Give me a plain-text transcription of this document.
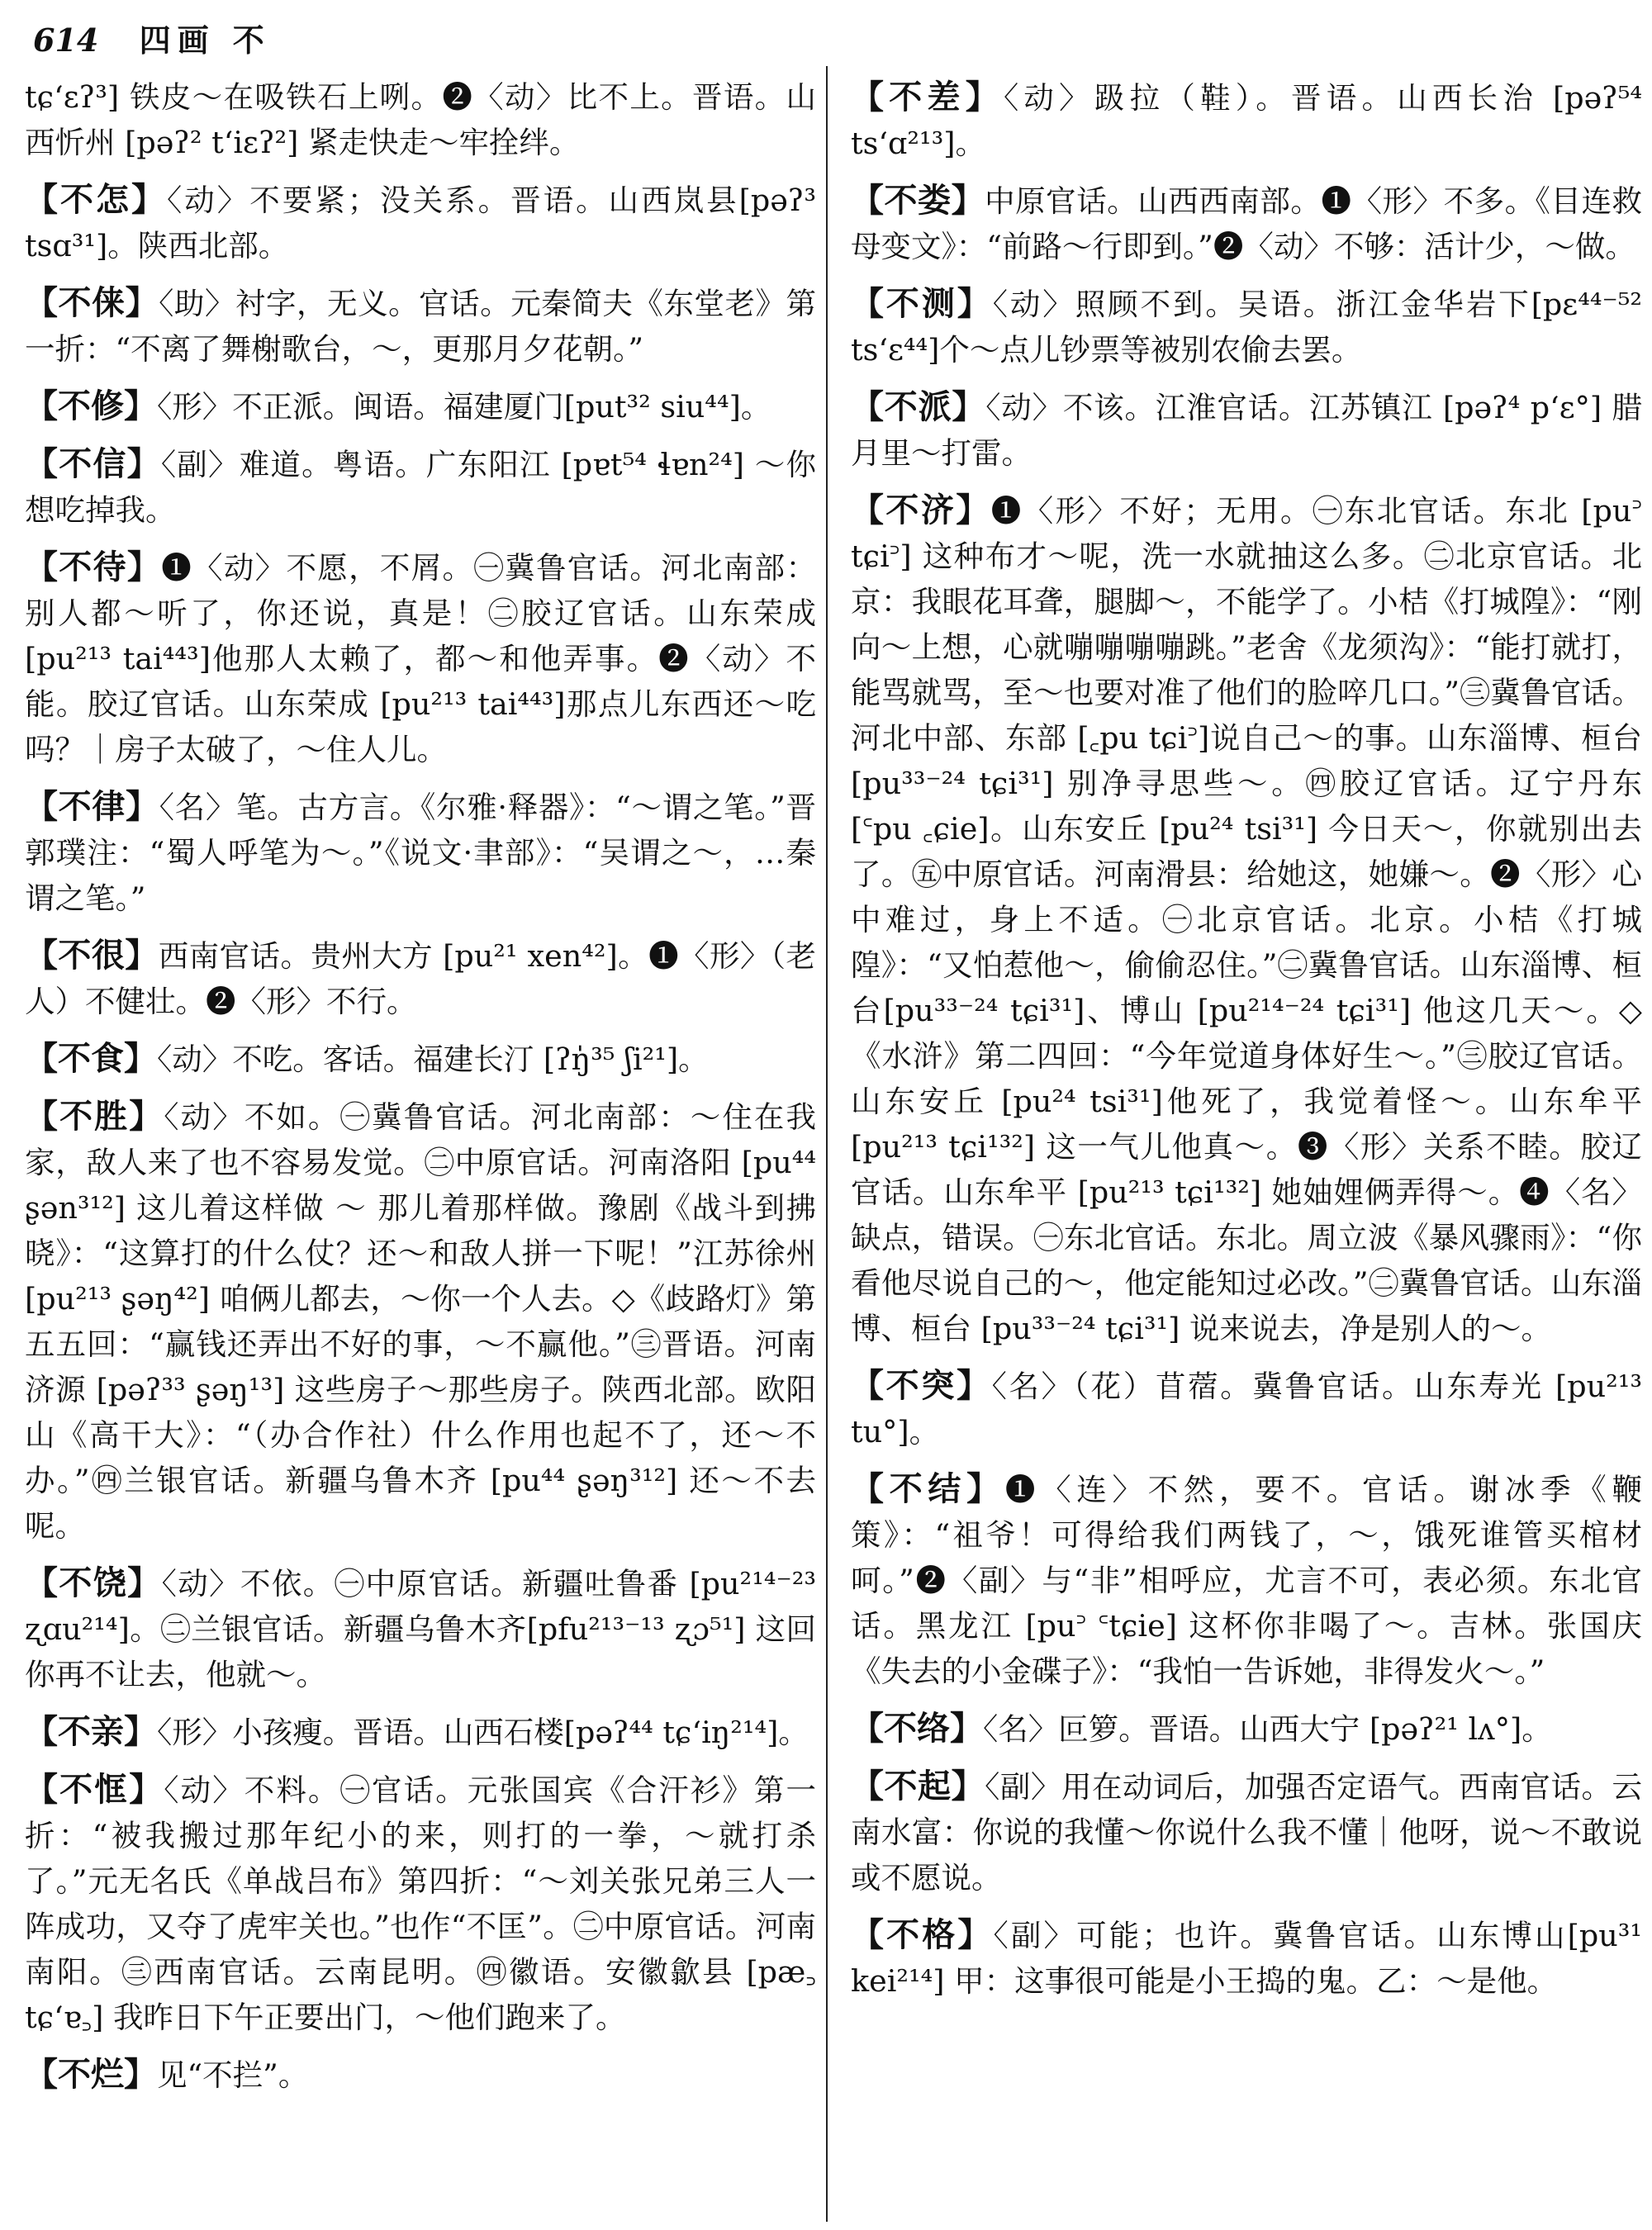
614 四画 不
tɕʻɛʔ³] 铁皮～在吸铁石上咧。❷〈动〉比不上。晋语。山西忻州 [pəʔ² tʻiɛʔ²] 紧走快走～牢拴绊。
【不怎】〈动〉不要紧；没关系。晋语。山西岚县[pəʔ³ tsɑ³¹]。陕西北部。
【不俫】〈助〉衬字，无义。官话。元秦简夫《东堂老》第一折：“不离了舞榭歌台，～，更那月夕花朝。”
【不修】〈形〉不正派。闽语。福建厦门[put³² siu⁴⁴]。
【不信】〈副〉难道。粤语。广东阳江 [pɐt⁵⁴ ɬɐn²⁴] ～你想吃掉我。
【不待】❶〈动〉不愿，不屑。㊀冀鲁官话。河北南部：别人都～听了，你还说，真是！㊁胶辽官话。山东荣成 [pu²¹³ tai⁴⁴³]他那人太赖了，都～和他弄事。❷〈动〉不能。胶辽官话。山东荣成 [pu²¹³ tai⁴⁴³]那点儿东西还～吃吗？｜房子太破了，～住人儿。
【不律】〈名〉笔。古方言。《尔雅·释器》：“～谓之笔。”晋郭璞注：“蜀人呼笔为～。”《说文·聿部》：“吴谓之～，…秦谓之笔。”
【不很】西南官话。贵州大方 [pu²¹ xen⁴²]。❶〈形〉（老人）不健壮。❷〈形〉不行。
【不食】〈动〉不吃。客话。福建长汀 [ʔŋ̍³⁵ ʃi²¹]。
【不胜】〈动〉不如。㊀冀鲁官话。河北南部：～住在我家，敌人来了也不容易发觉。㊁中原官话。河南洛阳 [pu⁴⁴ ʂən³¹²] 这儿着这样做 ～ 那儿着那样做。豫剧《战斗到拂晓》：“这算打的什么仗？还～和敌人拼一下呢！”江苏徐州 [pu²¹³ ʂəŋ⁴²] 咱俩儿都去，～你一个人去。◇《歧路灯》第五五回：“赢钱还弄出不好的事，～不赢他。”㊂晋语。河南济源 [pəʔ³³ ʂəŋ¹³] 这些房子～那些房子。陕西北部。欧阳山《高干大》：“（办合作社）什么作用也起不了，还～不办。”㊃兰银官话。新疆乌鲁木齐 [pu⁴⁴ ʂəŋ³¹²] 还～不去呢。
【不饶】〈动〉不依。㊀中原官话。新疆吐鲁番 [pu²¹⁴⁻²³ ʐɑu²¹⁴]。㊁兰银官话。新疆乌鲁木齐[pfu²¹³⁻¹³ ʐɔ⁵¹] 这回你再不让去，他就～。
【不亲】〈形〉小孩瘦。晋语。山西石楼[pəʔ⁴⁴ tɕʻiŋ²¹⁴]。
【不恇】〈动〉不料。㊀官话。元张国宾《合汗衫》第一折：“被我搬过那年纪小的来，则打的一拳，～就打杀了。”元无名氏《单战吕布》第四折：“～刘关张兄弟三人一阵成功，又夺了虎牢关也。”也作“不匡”。㊁中原官话。河南南阳。㊂西南官话。云南昆明。㊃徽语。安徽歙县 [pæ꜆ tɕʻɐ꜆] 我昨日下午正要出门，～他们跑来了。
【不烂】见“不拦”。
【不差】〈动〉趿拉（鞋）。晋语。山西长治 [pəʔ⁵⁴ tsʻɑ²¹³]。
【不娄】中原官话。山西西南部。❶〈形〉不多。《目连救母变文》：“前路～行即到。”❷〈动〉不够：活计少，～做。
【不测】〈动〉照顾不到。吴语。浙江金华岩下[pɛ⁴⁴⁻⁵² tsʻɛ⁴⁴]个～点儿钞票等被别农偷去罢。
【不派】〈动〉不该。江淮官话。江苏镇江 [pəʔ⁴ pʻɛ°] 腊月里～打雷。
【不济】❶〈形〉不好；无用。㊀东北官话。东北 [pu꜄ tɕi꜄] 这种布才～呢，洗一水就抽这么多。㊁北京官话。北京：我眼花耳聋，腿脚～，不能学了。小桔《打城隍》：“刚向～上想，心就嘣嘣嘣嘣跳。”老舍《龙须沟》：“能打就打，能骂就骂，至～也要对准了他们的脸啐几口。”㊂冀鲁官话。河北中部、东部 [꜀pu tɕi꜄]说自己～的事。山东淄博、桓台[pu³³⁻²⁴ tɕi³¹] 别净寻思些～。㊃胶辽官话。辽宁丹东 [꜂pu ꜀ɕie]。山东安丘 [pu²⁴ tsi³¹] 今日天～，你就别出去了。㊄中原官话。河南滑县：给她这，她嫌～。❷〈形〉心中难过，身上不适。㊀北京官话。北京。小桔《打城隍》：“又怕惹他～，偷偷忍住。”㊁冀鲁官话。山东淄博、桓台[pu³³⁻²⁴ tɕi³¹]、博山 [pu²¹⁴⁻²⁴ tɕi³¹] 他这几天～。◇《水浒》第二四回：“今年觉道身体好生～。”㊂胶辽官话。山东安丘 [pu²⁴ tsi³¹]他死了，我觉着怪～。山东牟平 [pu²¹³ tɕi¹³²] 这一气儿他真～。❸〈形〉关系不睦。胶辽官话。山东牟平 [pu²¹³ tɕi¹³²] 她妯娌俩弄得～。❹〈名〉缺点，错误。㊀东北官话。东北。周立波《暴风骤雨》：“你看他尽说自己的～，他定能知过必改。”㊁冀鲁官话。山东淄博、桓台 [pu³³⁻²⁴ tɕi³¹] 说来说去，净是别人的～。
【不突】〈名〉（花）苜蓿。冀鲁官话。山东寿光 [pu²¹³ tu°]。
【不结】❶〈连〉不然，要不。官话。谢冰季《鞭策》：“祖爷！可得给我们两钱了，～，饿死谁管买棺材呵。”❷〈副〉与“非”相呼应，尤言不可，表必须。东北官话。黑龙江 [pu꜄ ꜂tɕie] 这杯你非喝了～。吉林。张国庆《失去的小金碟子》：“我怕一告诉她，非得发火～。”
【不络】〈名〉叵箩。晋语。山西大宁 [pəʔ²¹ lʌ°]。
【不起】〈副〉用在动词后，加强否定语气。西南官话。云南水富：你说的我懂～你说什么我不懂｜他呀，说～不敢说或不愿说。
【不格】〈副〉可能；也许。冀鲁官话。山东博山[pu³¹ kei²¹⁴] 甲：这事很可能是小王捣的鬼。乙：～是他。
